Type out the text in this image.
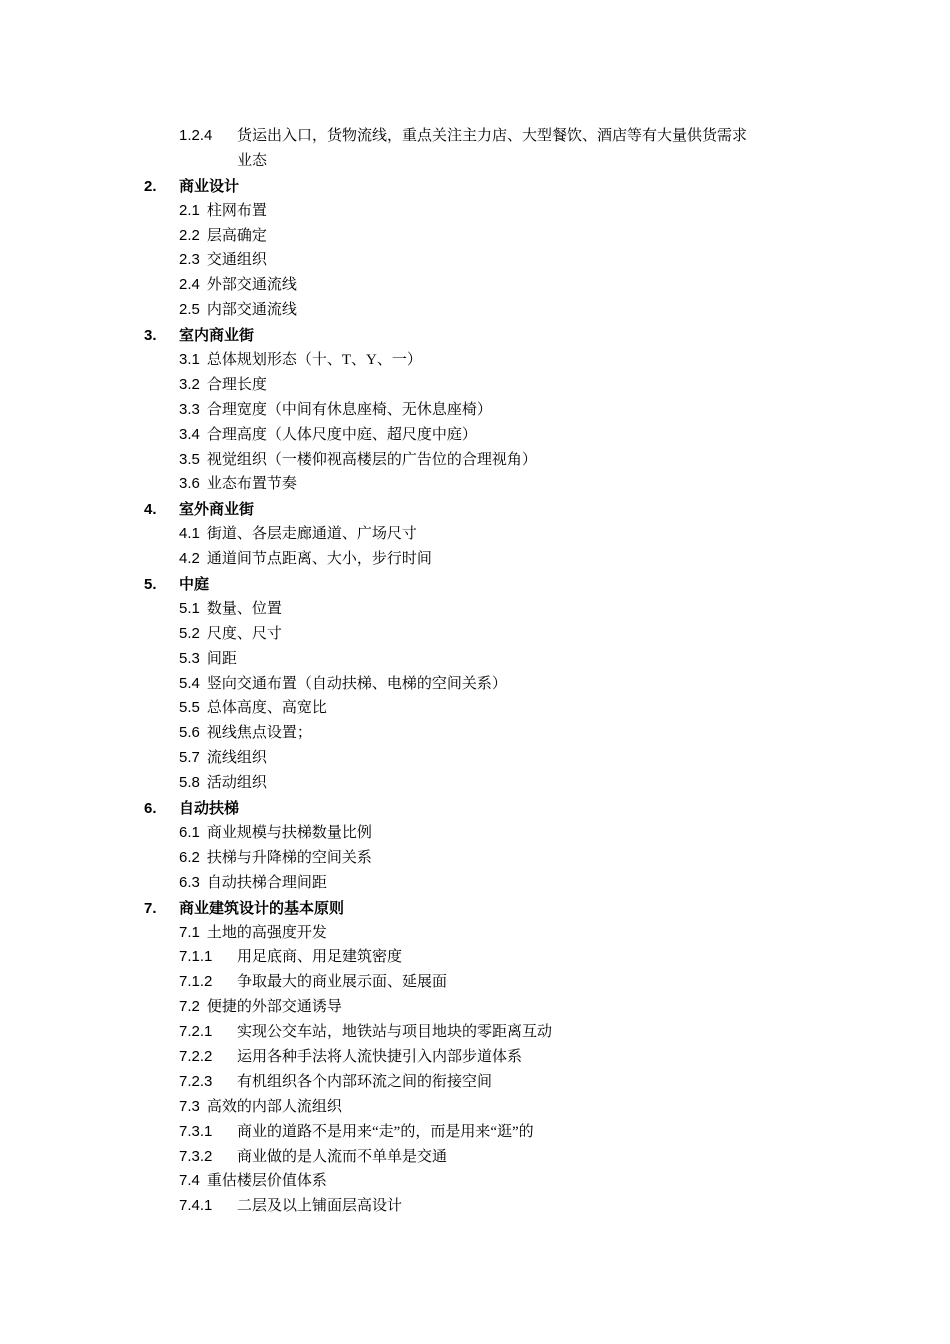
1.2.4 货运出入口，货物流线，重点关注主力店、大型餐饮、酒店等有大量供货需求
业态
2. 商业设计
2.1 柱网布置
2.2 层高确定
2.3 交通组织
2.4 外部交通流线
2.5 内部交通流线
3. 室内商业街
3.1 总体规划形态（十、T、Y、一）
3.2 合理长度
3.3 合理宽度（中间有休息座椅、无休息座椅）
3.4 合理高度（人体尺度中庭、超尺度中庭）
3.5 视觉组织（一楼仰视高楼层的广告位的合理视角）
3.6 业态布置节奏
4. 室外商业街
4.1 街道、各层走廊通道、广场尺寸
4.2 通道间节点距离、大小，步行时间
5. 中庭
5.1 数量、位置
5.2 尺度、尺寸
5.3 间距
5.4 竖向交通布置（自动扶梯、电梯的空间关系）
5.5 总体高度、高宽比
5.6 视线焦点设置；
5.7 流线组织
5.8 活动组织
6. 自动扶梯
6.1 商业规模与扶梯数量比例
6.2 扶梯与升降梯的空间关系
6.3 自动扶梯合理间距
7. 商业建筑设计的基本原则
7.1 土地的高强度开发
7.1.1 用足底商、用足建筑密度
7.1.2 争取最大的商业展示面、延展面
7.2 便捷的外部交通诱导
7.2.1 实现公交车站，地铁站与项目地块的零距离互动
7.2.2 运用各种手法将人流快捷引入内部步道体系
7.2.3 有机组织各个内部环流之间的衔接空间
7.3 高效的内部人流组织
7.3.1 商业的道路不是用来“走”的，而是用来“逛”的
7.3.2 商业做的是人流而不单单是交通
7.4 重估楼层价值体系
7.4.1 二层及以上铺面层高设计
